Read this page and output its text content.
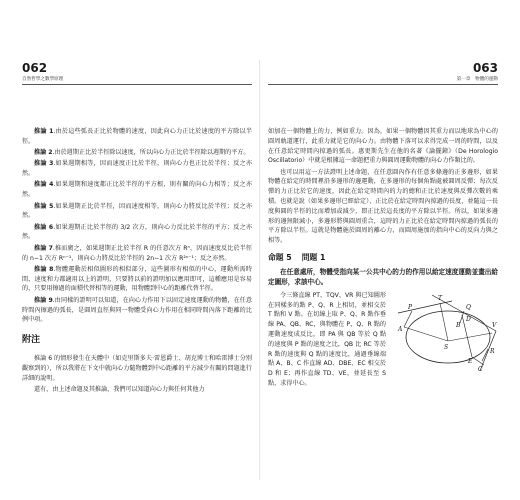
062
自然哲學之數學原理

推論 1.由於這些弧長正比於物體的速度，因此向心力正比於速度的平方除以半徑。

推論 2.由於週期正比於半徑除以速度，所以向心力正比於半徑除以週期的平方。

推論 3.如果週期相等，因而速度正比於半徑，則向心力也正比於半徑；反之亦然。

推論 4.如果週期和速度都正比於半徑的平方根，則有關的向心力相等；反之亦然。

推論 5.如果週期正比於半徑，因而速度相等，則向心力將反比於半徑；反之亦然。

推論 6.如果週期正比於半徑的 3/2 次方，則向心力反比於半徑的平方；反之亦然。

推論 7.推而廣之，如果週期正比於半徑 R 的任意次方 Rⁿ，因而速度反比於半徑的 n−1 次方 Rⁿ⁻¹，則向心力將反比於半徑的 2n−1 次方 R²ⁿ⁻¹；反之亦然。

推論 8.物體運動於相似圖形的相似部分，這些圖形有相似的中心，運動所需時間、速度和力都適用以上的證明，只要將以前的證明加以應用即可，這種應用是容易的，只要用擦過的面積代替相等的運動，用物體到中心的距離代替半徑。

推論 9.由同樣的證明可以知道，在向心力作用下以固定速度運動的物體，在任意時間內擦過的弧長，是圓周直徑與同一物體受向心力作用在相同時間內落下距離的比例中項。

附注

推論 6 的情形發生在天體中（如克里斯多夫·雷恩爵士、胡克博士和哈雷博士分別觀察到的），所以我將在下文中就向心力隨物體到中心距離的平方減少有關的問題進行詳細的說明。

還有，由上述命題及其推論，我們可以知道向心力與任何其他力

063
第一章　物體的運動

如加在一個物體上的力，例如重力。因為，如果一個物體因其重力而以地球為中心的圓周軌道運行，此重力就是它的向心力。由物體下落可以求得完成一周的時間，以及在任意給定時間內掠過的弧長。惠更斯先生在他的名著《論擺鐘》（De Horologio Oscillatorio）中就是根據這一命題把重力與圓周運動物體的向心力作類比的。

也可以用這一方法證明上述命題，在任意圓內作有任意多條邊的正多邊形，如果物體在給定的時間裡沿多邊形的邊運動，在多邊形的每個角點處被圓周反彈；每次反彈的力正比於它的速度，因此在給定時間內的力的總和正比於速度與反彈次數的乘積。也就是說（如果多邊形已經給定），正比於在給定時間內掠過的長度，並隨這一長度與圓的半徑的比而增加或減少，即正比於這長度的平方除以半徑。所以，如果多邊形的邊無限減小，多邊形將與圓周重合，這時的力正比於在給定時間內掠過的弧長的平方除以半徑。這就是物體施於圓周的離心力，而圓周施加的指向中心的反向力與之相等。

命題 5 問題 1

在任意處所，物體受指向某一公共中心的力的作用以給定速度運動並畫出給定圖形，求該中心。

T
Q
V
P
R
A
B
C
D
E
S

令三條直線 PT、TQV、VR 與已知圖形在同樣多的點 P、Q、R 上相切，並相交於 T 點和 V 點。在切線上取 P、Q、R 點作垂線 PA、QB、RC，與物體在 P、Q、R 點的運動速度成反比，即 PA 與 QB 等於 Q 點的速度與 P 點的速度之比，QB 比 RC 等於 R 點的速度與 Q 點的速度比，通過垂線端點 A、B、C 作直線 AD、DBE、EC 相交於 D 和 E；再作直線 TD、VE，並延長至 S 點，求得中心。
